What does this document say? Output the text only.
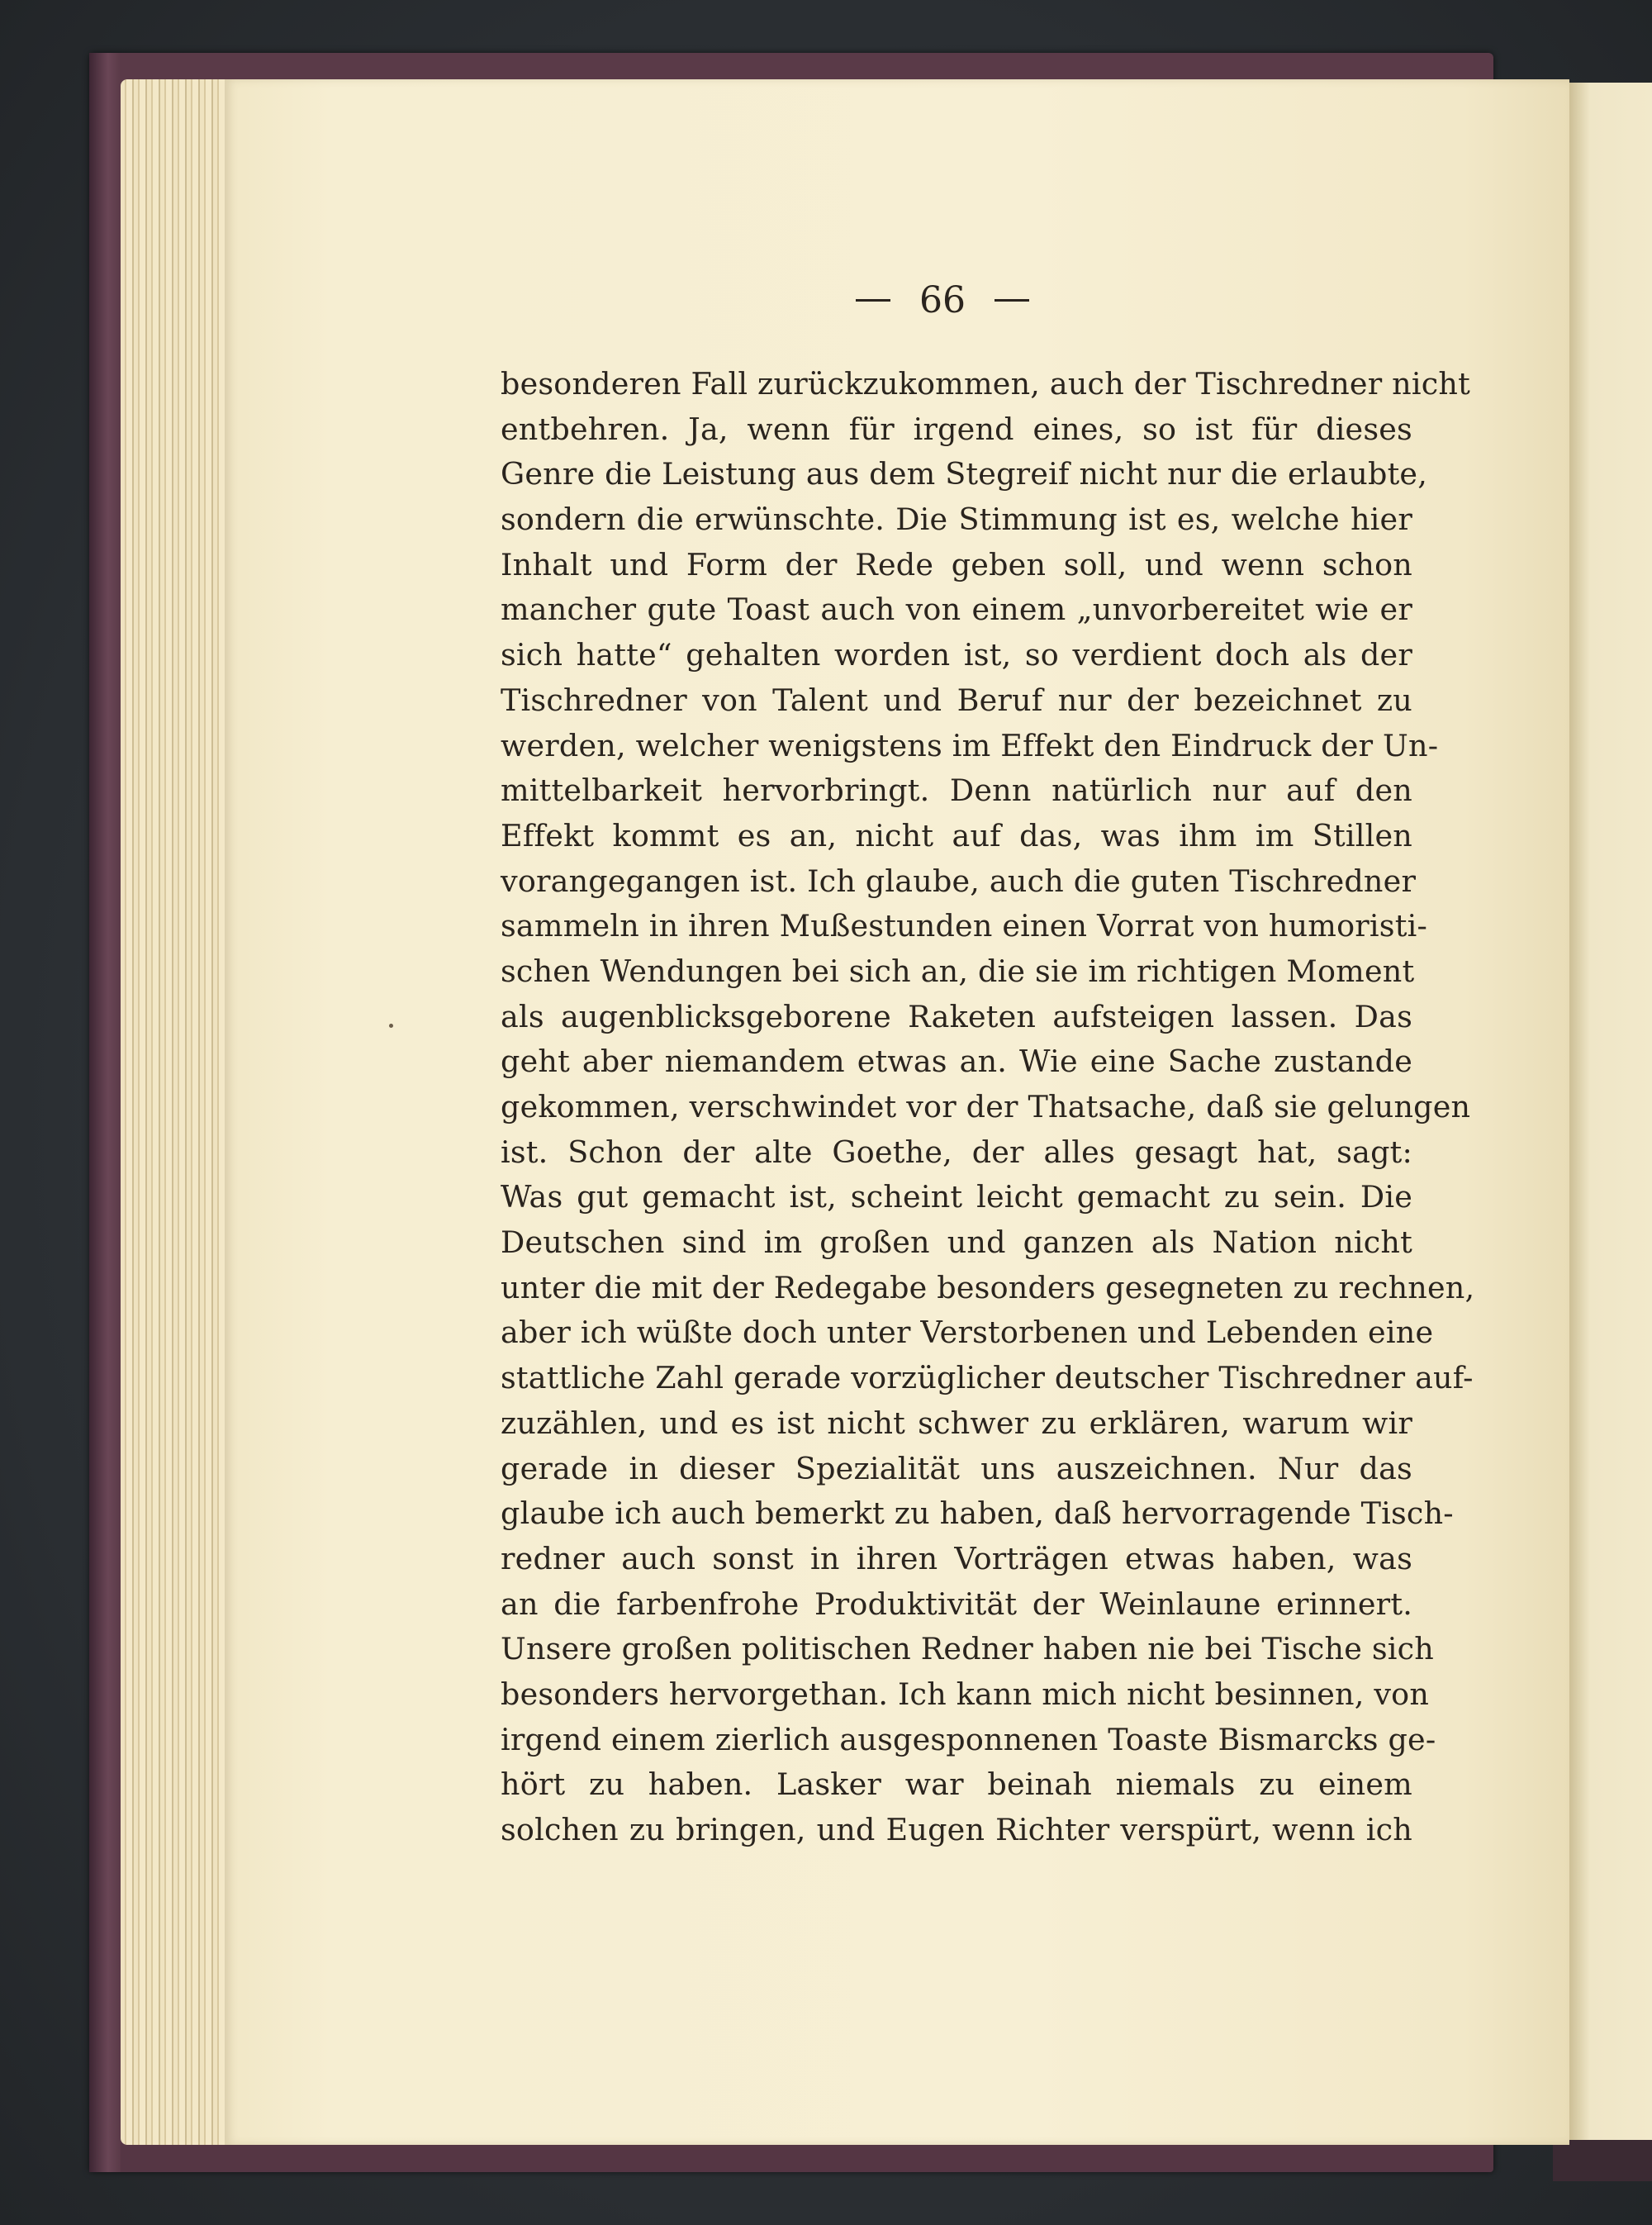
66
besonderen Fall zurückzukommen, auch der Tischredner nicht
entbehren. Ja, wenn für irgend eines, so ist für dieses
Genre die Leistung aus dem Stegreif nicht nur die erlaubte,
sondern die erwünschte. Die Stimmung ist es, welche hier
Inhalt und Form der Rede geben soll, und wenn schon
mancher gute Toast auch von einem „unvorbereitet wie er
sich hatte“ gehalten worden ist, so verdient doch als der
Tischredner von Talent und Beruf nur der bezeichnet zu
werden, welcher wenigstens im Effekt den Eindruck der Un-
mittelbarkeit hervorbringt. Denn natürlich nur auf den
Effekt kommt es an, nicht auf das, was ihm im Stillen
vorangegangen ist. Ich glaube, auch die guten Tischredner
sammeln in ihren Mußestunden einen Vorrat von humoristi-
schen Wendungen bei sich an, die sie im richtigen Moment
als augenblicksgeborene Raketen aufsteigen lassen. Das
geht aber niemandem etwas an. Wie eine Sache zustande
gekommen, verschwindet vor der Thatsache, daß sie gelungen
ist. Schon der alte Goethe, der alles gesagt hat, sagt:
Was gut gemacht ist, scheint leicht gemacht zu sein. Die
Deutschen sind im großen und ganzen als Nation nicht
unter die mit der Redegabe besonders gesegneten zu rechnen,
aber ich wüßte doch unter Verstorbenen und Lebenden eine
stattliche Zahl gerade vorzüglicher deutscher Tischredner auf-
zuzählen, und es ist nicht schwer zu erklären, warum wir
gerade in dieser Spezialität uns auszeichnen. Nur das
glaube ich auch bemerkt zu haben, daß hervorragende Tisch-
redner auch sonst in ihren Vorträgen etwas haben, was
an die farbenfrohe Produktivität der Weinlaune erinnert.
Unsere großen politischen Redner haben nie bei Tische sich
besonders hervorgethan. Ich kann mich nicht besinnen, von
irgend einem zierlich ausgesponnenen Toaste Bismarcks ge-
hört zu haben. Lasker war beinah niemals zu einem
solchen zu bringen, und Eugen Richter verspürt, wenn ich
